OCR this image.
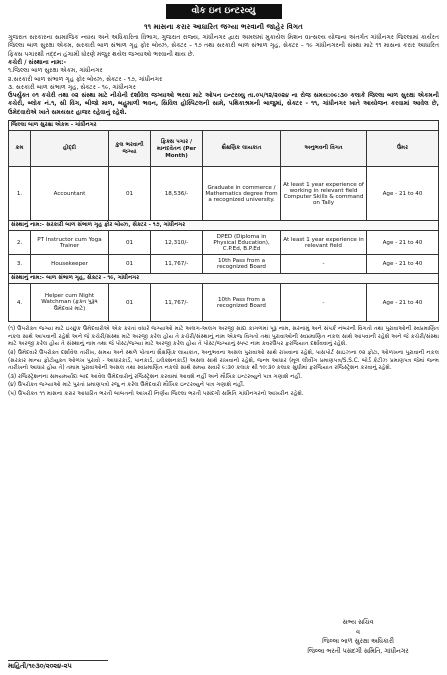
વોક ઇન ઇન્ટરવ્યુ
૧૧ માસના કરાર આધારિત જગ્યા ભરવાની જાહેર વિગત
ગુજરાત સરકારના સામાજિક ન્યાય અને અધિકારિતા વિભાગ, ગુજરાત રાજ્ય, ગાંધીનગર દ્વારા અમલમાં મુકાયેલ મિશન વાત્સલ્ય યોજના અંતર્ગત ગાંધીનગર જિલ્લામાં કાર્યરત જિલ્લા બાળ સુરક્ષા એકમ, સરકારી બાળ સંભાળ ગૃહ ફોર બોય્ઝ, સેક્ટર – ૧૭ તથા સરકારી બાળ સંભાળ ગૃહ, સેક્ટર – ૧૯ ગાંધીનગરની સંસ્થા માટે ૧૧ માસના કરાર આધારિત ફિક્સ પગારથી તદ્દન હંગામી ધોરણે મંજુર થયેલ જગ્યાઓ ભરવાની થાય છે.
કચેરી / સંસ્થાના નામ:-
૧.જિલ્લા બાળ સુરક્ષા એકમ, ગાંધીનગર
૨.સરકારી બાળ સંભાળ ગૃહ ફોર બોય્ઝ, સેક્ટર - ૧૭, ગાંધીનગર
૩. સરકારી બાળ સંભાળ ગૃહ, સેક્ટર - ૧૯, ગાંધીનગર
ઉપર્યુક્ત ૦૧ કચેરી તથા ૦૨ સંસ્થા માટે નીચેની દર્શાવેલ જગ્યાઓ ભરવા માટે ઓપન ઇન્ટરવ્યુ તા.૦૫/૧૨/૨૦૨૪ ના રોજ સમય:૦૯:૩૦ કલાકે જિલ્લા બાળ સુરક્ષા એકમની કચેરી, બ્લોક નં.૧, સી વિંગ, બીજો માળ, બહુમાળી ભવન, સિવિલ હોસ્પિટલની સામે, પથિકાશ્રમની બાજુમાં, સેક્ટર - ૧૧, ગાંધીનગર ખાતે આયોજન કરવામાં આવેલ છે, ઉમેદવારોએ ખાતે સમયસર હાજર રહેવાનું રહેશે.
જિલ્લા બાળ સુરક્ષા એકમ - ગાંધીનગર						
ક્રમ	હોદ્દો	કુલ ભરવાની જગ્યા	ફિક્સ પગાર / માનદવેતન (Per Month)	શૈક્ષણિક લાયકાત	અનુભવની વિગત	ઉંમર
1.	Accountant	01	18,536/-	Graduate in commerce / Mathematics degree from a recognized university.	At least 1 year experience of working in relevant field Computer Skills & command on Tally	Age - 21 to 40
સંસ્થાનું નામ:- સરકારી બાળ સંભાળ ગૃહ ફોર બોય્ઝ, સેક્ટર - ૧૭, ગાંધીનગર						
2.	PT Instructor cum Yoga Trainer	01	12,310/-	DPED (Diploma in Physical Education), C.P.Ed, B.P.Ed	At least 1 year experience in relevant field	Age - 21 to 40
3.	Housekeeper	01	11,767/-	10th Pass from a recognized Board	-	Age - 21 to 40
સંસ્થાનું નામ:- બાળ સંભાળ ગૃહ, સેક્ટર - ૧૯, ગાંધીનગર						
4.	Helper cum Night Watchman (ફક્ત પુરૂષ ઉમેદવાર માટે)	01	11,767/-	10th Pass from a recognized Board	-	Age - 21 to 40
(૧) ઉપરોક્ત જગ્યા માટે ઇચ્છુક ઉમેદવારોએ એક કરતાં વધારે જગ્યાઓ માટે અલગ-અલગ અરજી સાદા કાગળમાં પૂરૂ નામ, સરનામું અને સંપર્ક નંબરની વિગતો તથા પુરાવાઓની સ્વપ્રમાણિત નકલ સાથે આપવાની રહેશે અને જે કચેરી/સંસ્થા માટે અરજી કરેલ હોય તે કચેરી/સંસ્થાનું નામ એકજ વિગતો તથા પુરાવાઓની સ્વપ્રમાણિત નકલ સાથે આપવાની રહેશે અને જે કચેરી/સંસ્થા માટે અરજી કરેલ હોય તે સંસ્થાનું નામ તથા જે પોસ્ટ/જગ્યા માટે અરજી કરેલ હોય તે પોસ્ટ/જગ્યાનું સ્પષ્ટ નામ કવરઉપર ફરજિયાત દર્શાવવાનું રહેશે.
(૨) ઉમેદવારે ઉપરોક્ત દર્શાવેલ તારીખ, સમય અને સ્થળે પોતાના શૈક્ષણિક લાયકાત, અનુભવના અસલ પુરાવાઓ સાથે રાખવાના રહેશે, પાસપોર્ટ સાઇઝના ૦૨ ફોટા, ઓળખના પુરાવાની નકલ (સરકાર માન્ય ફોટોયુક્ત ઓળખ પુરાવો - આધારકાર્ડ, પાનકાર્ડ, ઇલેક્શનકાર્ડ) અસલ સાથે રાખવાનો રહેશે, જન્મ આધાર (મૂળ લીવીંગ પ્રમાણપત્ર/S.S.C. બોર્ડ કેટીઝ પ્રમાણપત્ર જેમાં જન્મ તારીખનો આધાર હોય તે) તમામ પુરાવાઓની અસલ તથા સ્વપ્રમાણિત નકલો સાથે સમય સવારે ૯:૩૦ કલાક થી ૧૦:૩૦ કલાક સુધીમાં ફરજિયાત રજિસ્ટ્રેશન કરવાનું રહેશે.
(૩) રજિસ્ટ્રેશનના સમયમર્યાદા બાદ આવેલ ઉમેદવારોનું રજિસ્ટ્રેશન કરવામાં આવશે નહીં અને મૌખિક ઇન્ટરવ્યુને પાત્ર ગણાશે નહીં.
(૪) ઉપરોક્ત જગ્યાઓ માટે પુરતાં પ્રમાણપત્રો રજુ ન કરેલ ઉમેદવારો મૌખિક ઇન્ટરવ્યુને પાત્ર ગણાશે નહીં.
(૫) ઉપરોક્ત ૧૧ માસના કરાર આધારિત ભરતી બાબતનો આખરી નિર્ણય જિલ્લા ભરતી પસંદગી સમિતિ ગાંધીનગરનો આખરીન રહેશે.
સભ્ય સચિવ
વ
જિલ્લા બાળ સુરક્ષા અધિકારી
જિલ્લા ભરતી પસંદગી સમિતિ, ગાંધીનગર
માહિતી/૧૯૩૦/૨૦૨૪-૨૫
